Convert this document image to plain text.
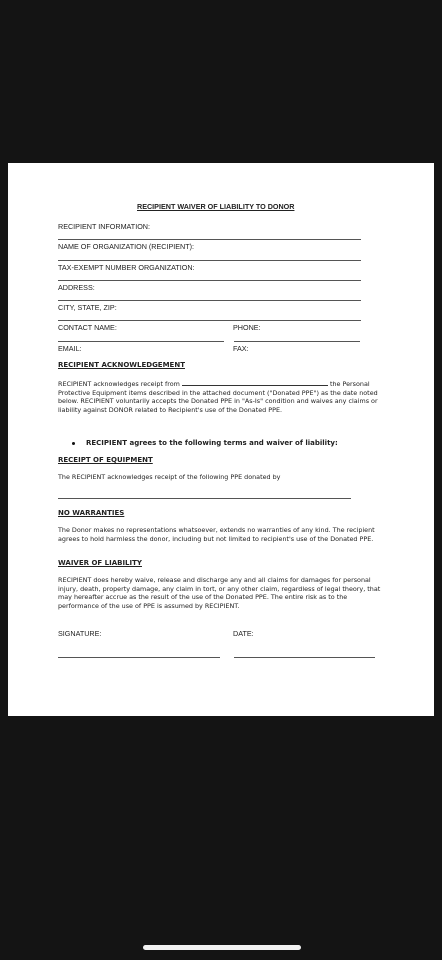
RECIPIENT WAIVER OF LIABILITY TO DONOR
RECIPIENT INFORMATION:
NAME OF ORGANIZATION (RECIPIENT):
TAX-EXEMPT NUMBER ORGANIZATION:
ADDRESS:
CITY, STATE, ZIP:
CONTACT NAME:	PHONE:
EMAIL:	FAX:
RECIPIENT ACKNOWLEDGEMENT
RECIPIENT acknowledges receipt from	the Personal Protective Equipment items described in the attached document ("Donated PPE") as the date noted below. RECIPIENT voluntarily accepts the Donated PPE in "As-Is" condition and waives any claims or liability against DONOR related to Recipient's use of the Donated PPE.
RECIPIENT agrees to the following terms and waiver of liability:
RECEIPT OF EQUIPMENT
The RECIPIENT acknowledges receipt of the following PPE donated by
NO WARRANTIES
The Donor makes no representations whatsoever, extends no warranties of any kind. The recipient agrees to hold harmless the donor, including but not limited to recipient's use of the Donated PPE.
WAIVER OF LIABILITY
RECIPIENT does hereby waive, release and discharge any and all claims for damages for personal injury, death, property damage, any claim in tort, or any other claim, regardless of legal theory, that may hereafter accrue as the result of the use of the Donated PPE. The entire risk as to the performance of the use of PPE is assumed by RECIPIENT.
SIGNATURE:	DATE:
